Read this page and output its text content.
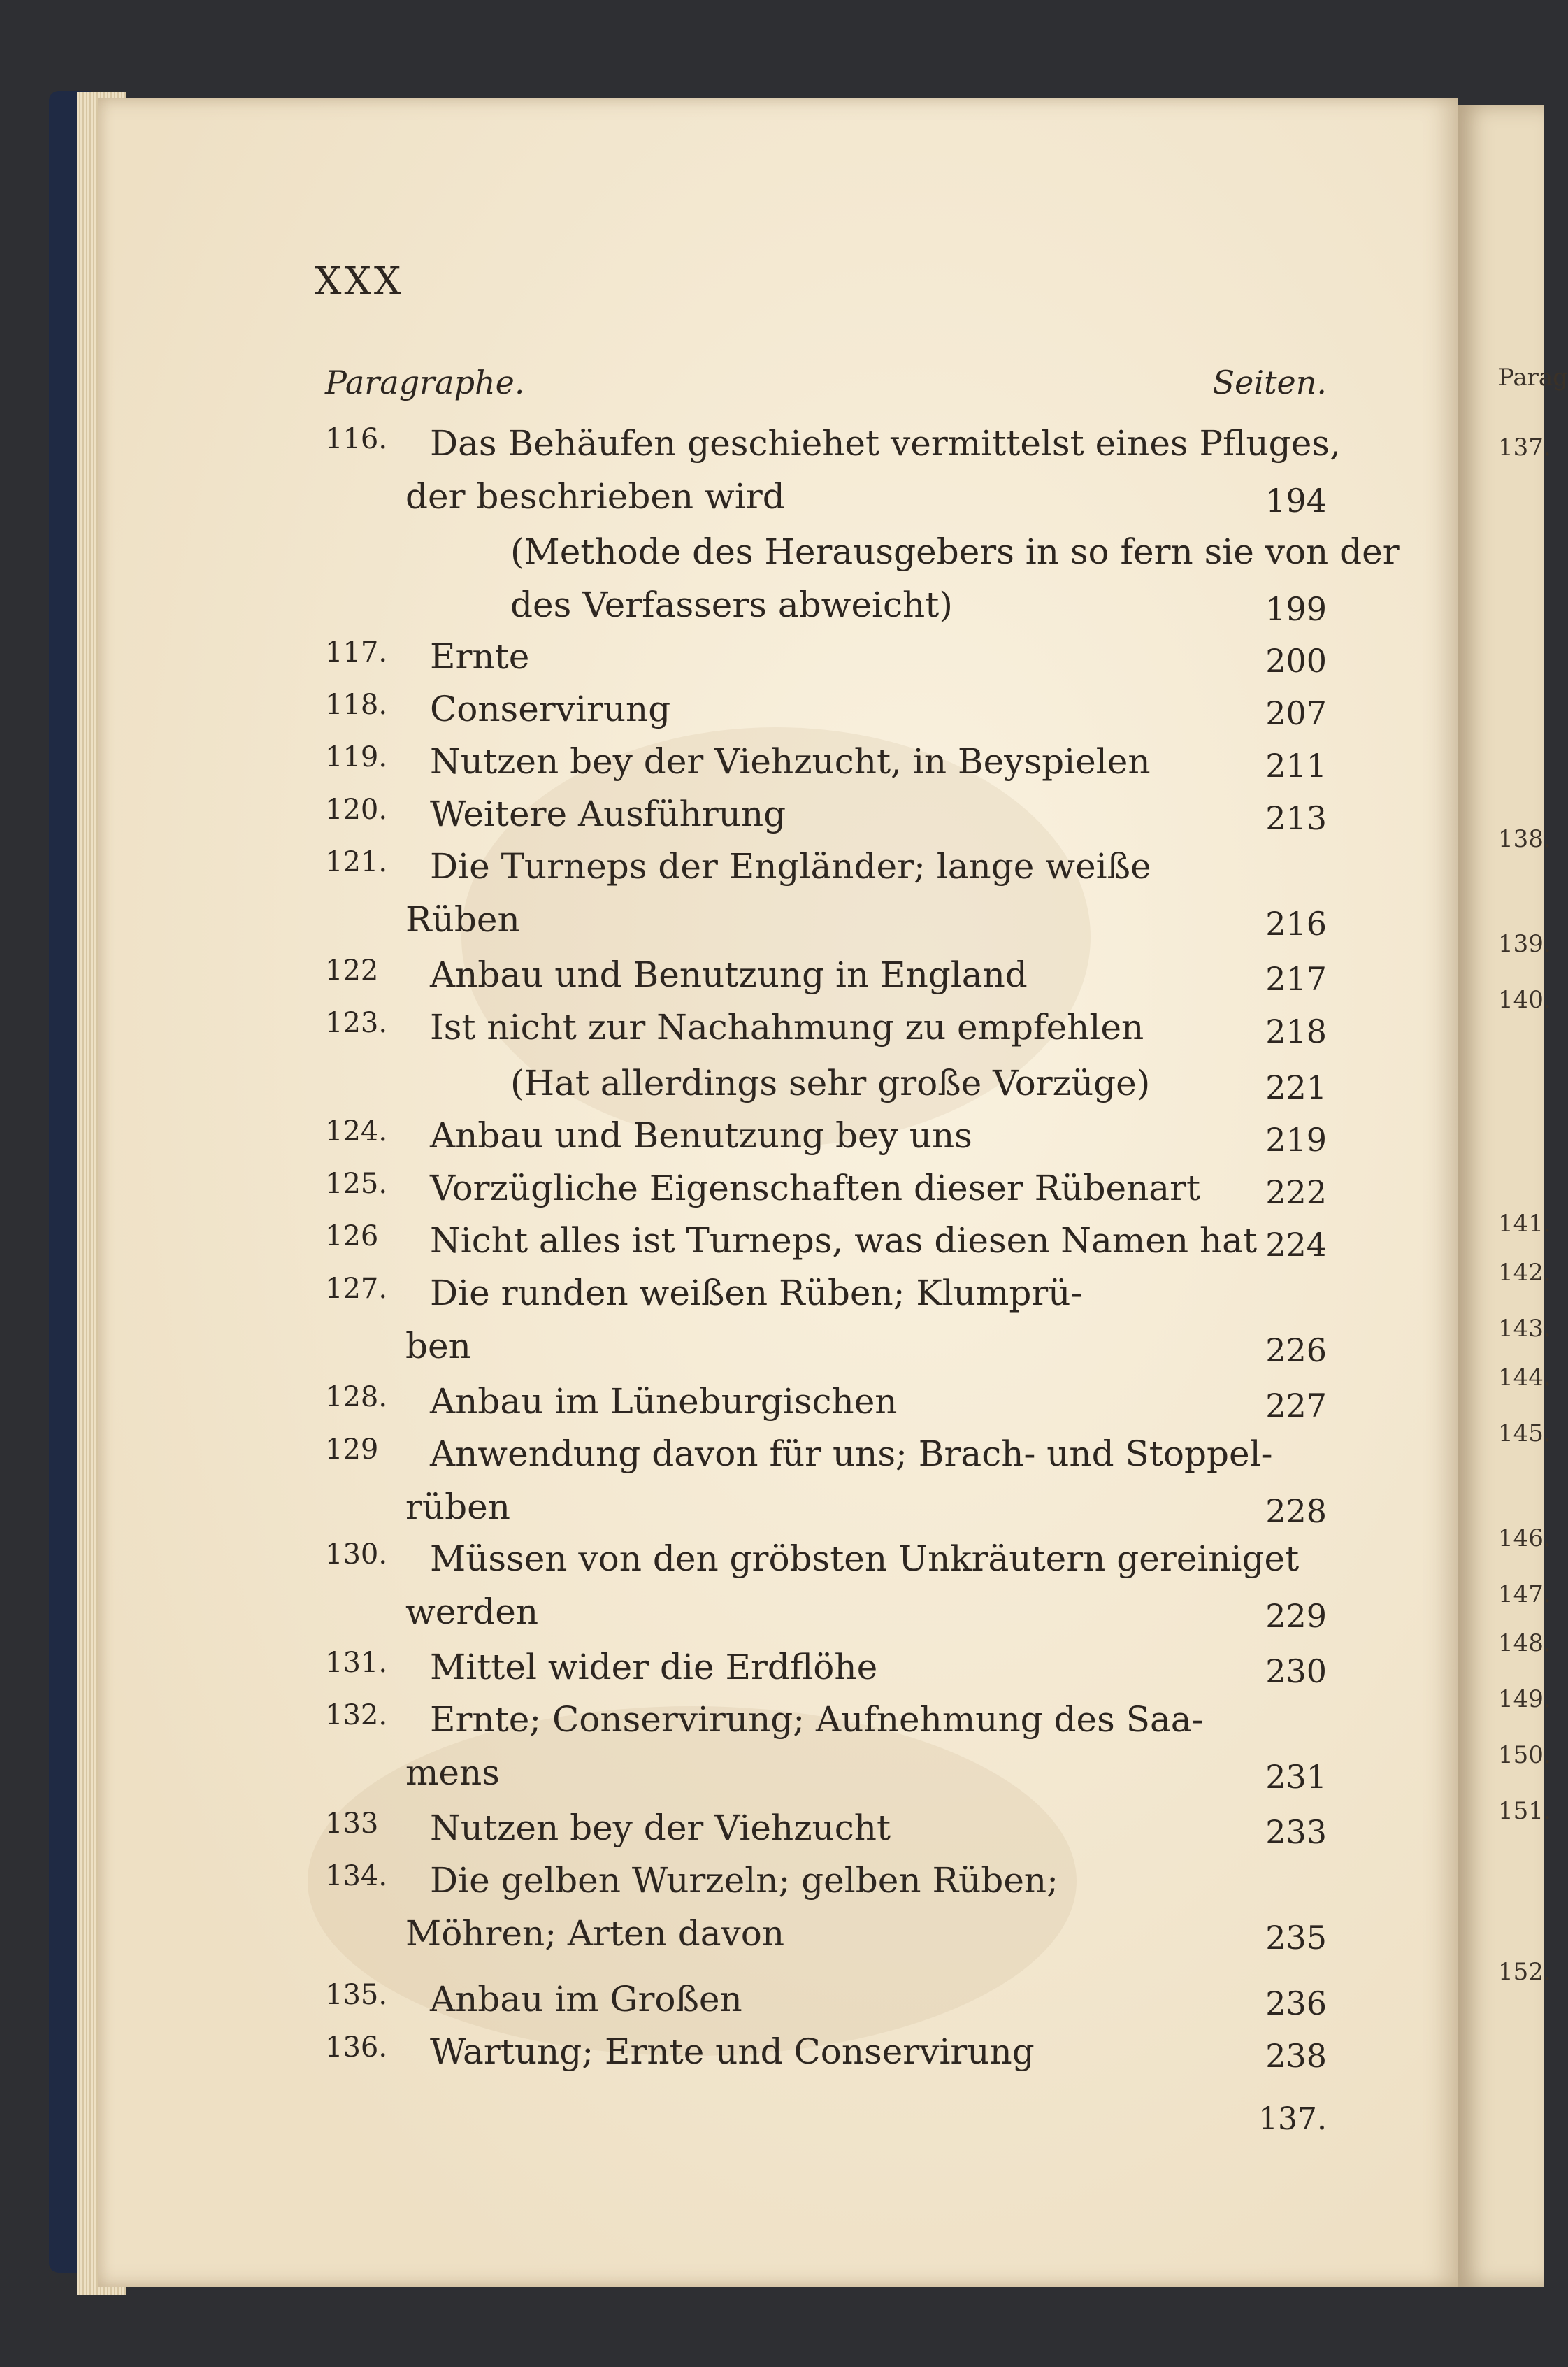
Parag
137.
138.
139.
140.
141.
142.
143.
144.
145.
146.
147.
148.
149.
150.
151.
152.
XXX
Paragraphe.	Seiten.
116. Das Behäufen geschiehet vermittelst eines Pfluges,
der beschrieben wird	194
(Methode des Herausgebers in so fern sie von der
des Verfassers abweicht)	199
117. Ernte	200
118. Conservirung	207
119. Nutzen bey der Viehzucht, in Beyspielen	211
120. Weitere Ausführung	213
121. Die Turneps der Engländer; lange weiße
Rüben	216
122 Anbau und Benutzung in England	217
123. Ist nicht zur Nachahmung zu empfehlen	218
(Hat allerdings sehr große Vorzüge)	221
124. Anbau und Benutzung bey uns	219
125. Vorzügliche Eigenschaften dieser Rübenart 222
126 Nicht alles ist Turneps, was diesen Namen hat 224
127. Die runden weißen Rüben; Klumprü-
ben	226
128. Anbau im Lüneburgischen	227
129 Anwendung davon für uns; Brach- und Stoppel-
rüben	228
130. Müssen von den gröbsten Unkräutern gereiniget
werden	229
131. Mittel wider die Erdflöhe	230
132. Ernte; Conservirung; Aufnehmung des Saa-
mens	231
133 Nutzen bey der Viehzucht	233
134. Die gelben Wurzeln; gelben Rüben;
Möhren; Arten davon	235
135. Anbau im Großen	236
136. Wartung; Ernte und Conservirung	238
137.
